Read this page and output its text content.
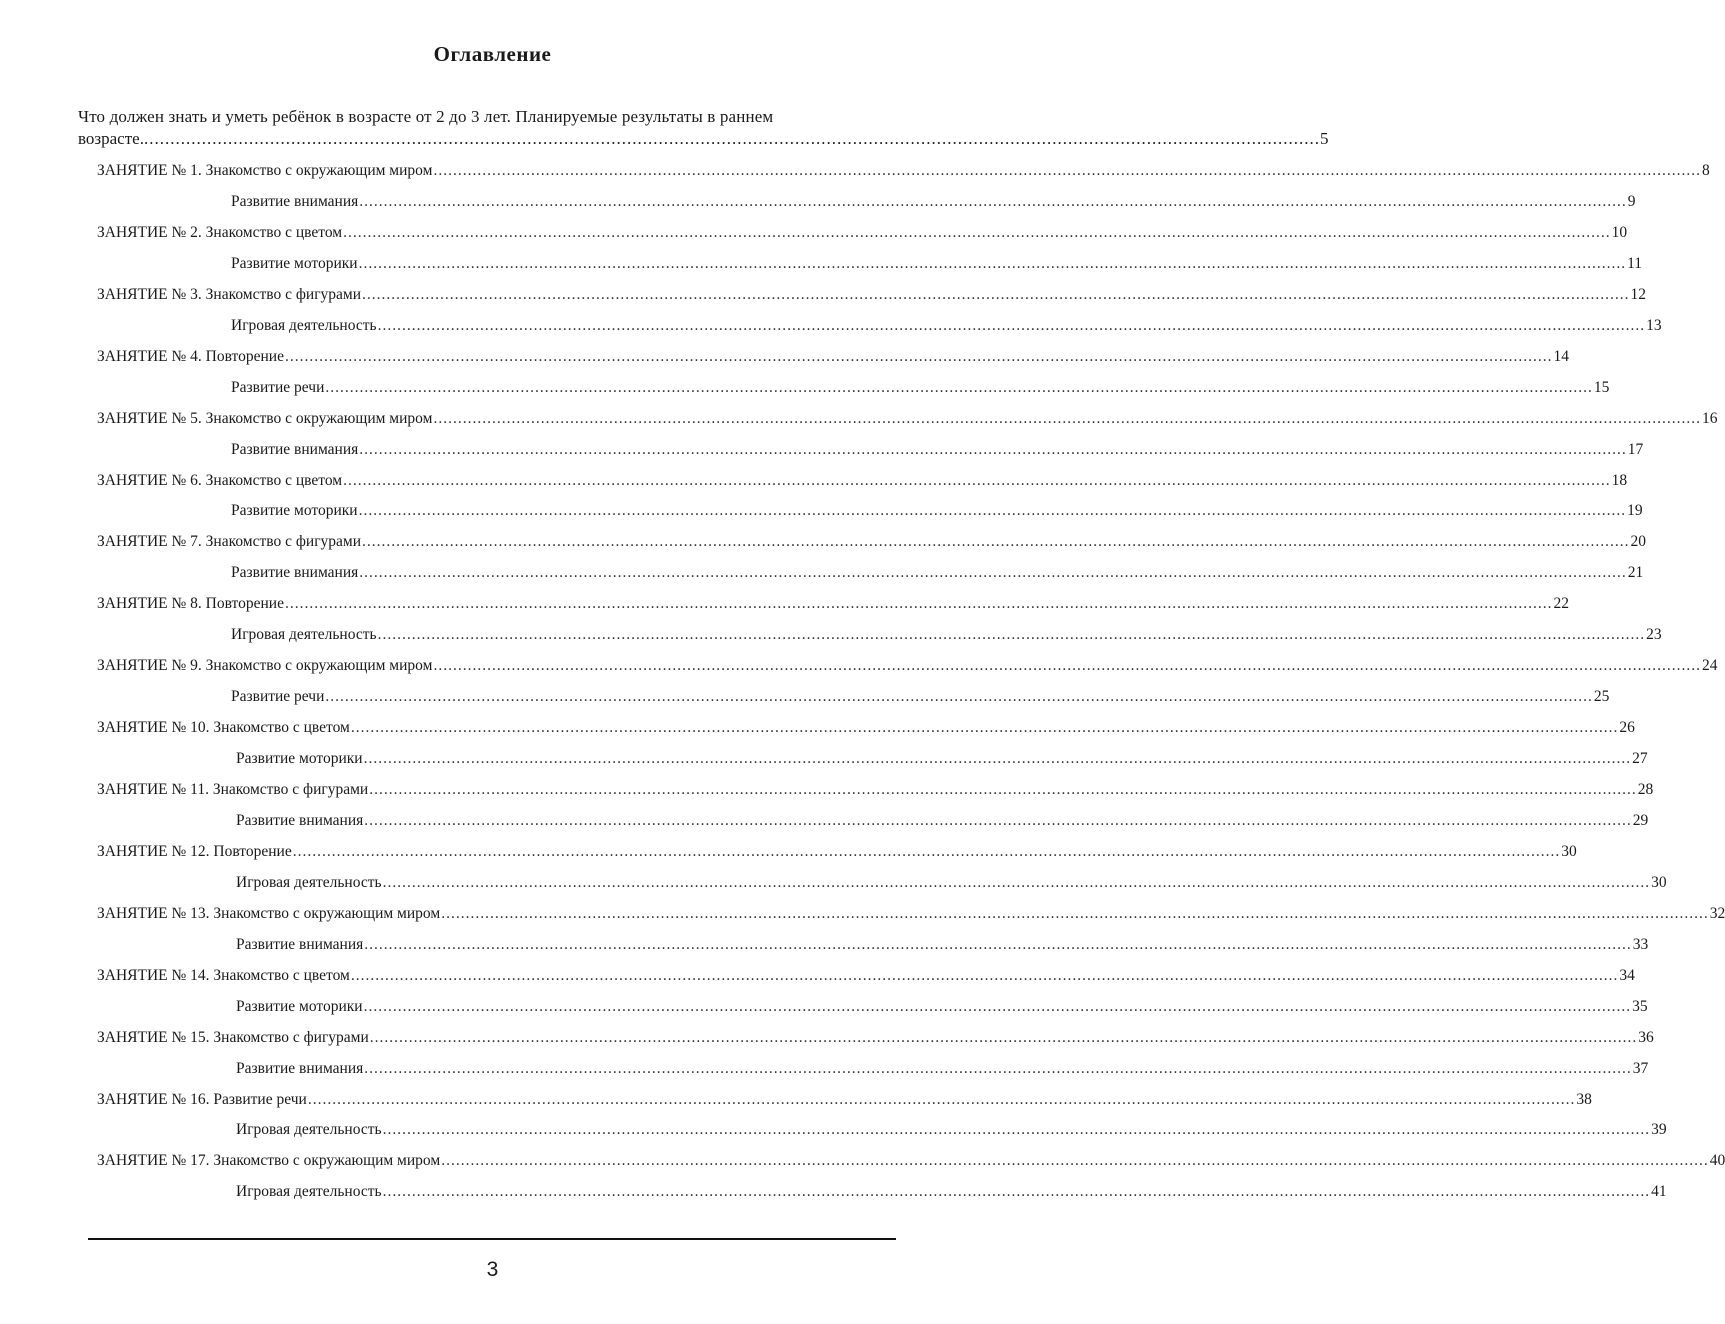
Оглавление
Что должен знать и уметь ребёнок в возрасте от 2 до 3 лет. Планируемые результаты в раннем
возрасте. ................................................................................................................................................................................................................................ 5
ЗАНЯТИЕ № 1. Знакомство с окружающим миром .................................................................................................................................................................................................................................................................... 8
Развитие внимания .................................................................................................................................................................................................................................................................... 9
ЗАНЯТИЕ № 2. Знакомство с цветом .................................................................................................................................................................................................................................................................... 10
Развитие моторики .................................................................................................................................................................................................................................................................... 11
ЗАНЯТИЕ № 3. Знакомство с фигурами .................................................................................................................................................................................................................................................................... 12
Игровая деятельность .................................................................................................................................................................................................................................................................... 13
ЗАНЯТИЕ № 4. Повторение .................................................................................................................................................................................................................................................................... 14
Развитие речи .................................................................................................................................................................................................................................................................... 15
ЗАНЯТИЕ № 5. Знакомство с окружающим миром .................................................................................................................................................................................................................................................................... 16
Развитие внимания .................................................................................................................................................................................................................................................................... 17
ЗАНЯТИЕ № 6. Знакомство с цветом .................................................................................................................................................................................................................................................................... 18
Развитие моторики .................................................................................................................................................................................................................................................................... 19
ЗАНЯТИЕ № 7. Знакомство с фигурами .................................................................................................................................................................................................................................................................... 20
Развитие внимания .................................................................................................................................................................................................................................................................... 21
ЗАНЯТИЕ № 8. Повторение .................................................................................................................................................................................................................................................................... 22
Игровая деятельность .................................................................................................................................................................................................................................................................... 23
ЗАНЯТИЕ № 9. Знакомство с окружающим миром .................................................................................................................................................................................................................................................................... 24
Развитие речи .................................................................................................................................................................................................................................................................... 25
ЗАНЯТИЕ № 10. Знакомство с цветом .................................................................................................................................................................................................................................................................... 26
Развитие моторики .................................................................................................................................................................................................................................................................... 27
ЗАНЯТИЕ № 11. Знакомство с фигурами .................................................................................................................................................................................................................................................................... 28
Развитие внимания .................................................................................................................................................................................................................................................................... 29
ЗАНЯТИЕ № 12. Повторение .................................................................................................................................................................................................................................................................... 30
Игровая деятельность .................................................................................................................................................................................................................................................................... 30
ЗАНЯТИЕ № 13. Знакомство с окружающим миром .................................................................................................................................................................................................................................................................... 32
Развитие внимания .................................................................................................................................................................................................................................................................... 33
ЗАНЯТИЕ № 14. Знакомство с цветом .................................................................................................................................................................................................................................................................... 34
Развитие моторики .................................................................................................................................................................................................................................................................... 35
ЗАНЯТИЕ № 15. Знакомство с фигурами .................................................................................................................................................................................................................................................................... 36
Развитие внимания .................................................................................................................................................................................................................................................................... 37
ЗАНЯТИЕ № 16. Развитие речи .................................................................................................................................................................................................................................................................... 38
Игровая деятельность .................................................................................................................................................................................................................................................................... 39
ЗАНЯТИЕ № 17. Знакомство с окружающим миром .................................................................................................................................................................................................................................................................... 40
Игровая деятельность .................................................................................................................................................................................................................................................................... 41
3
